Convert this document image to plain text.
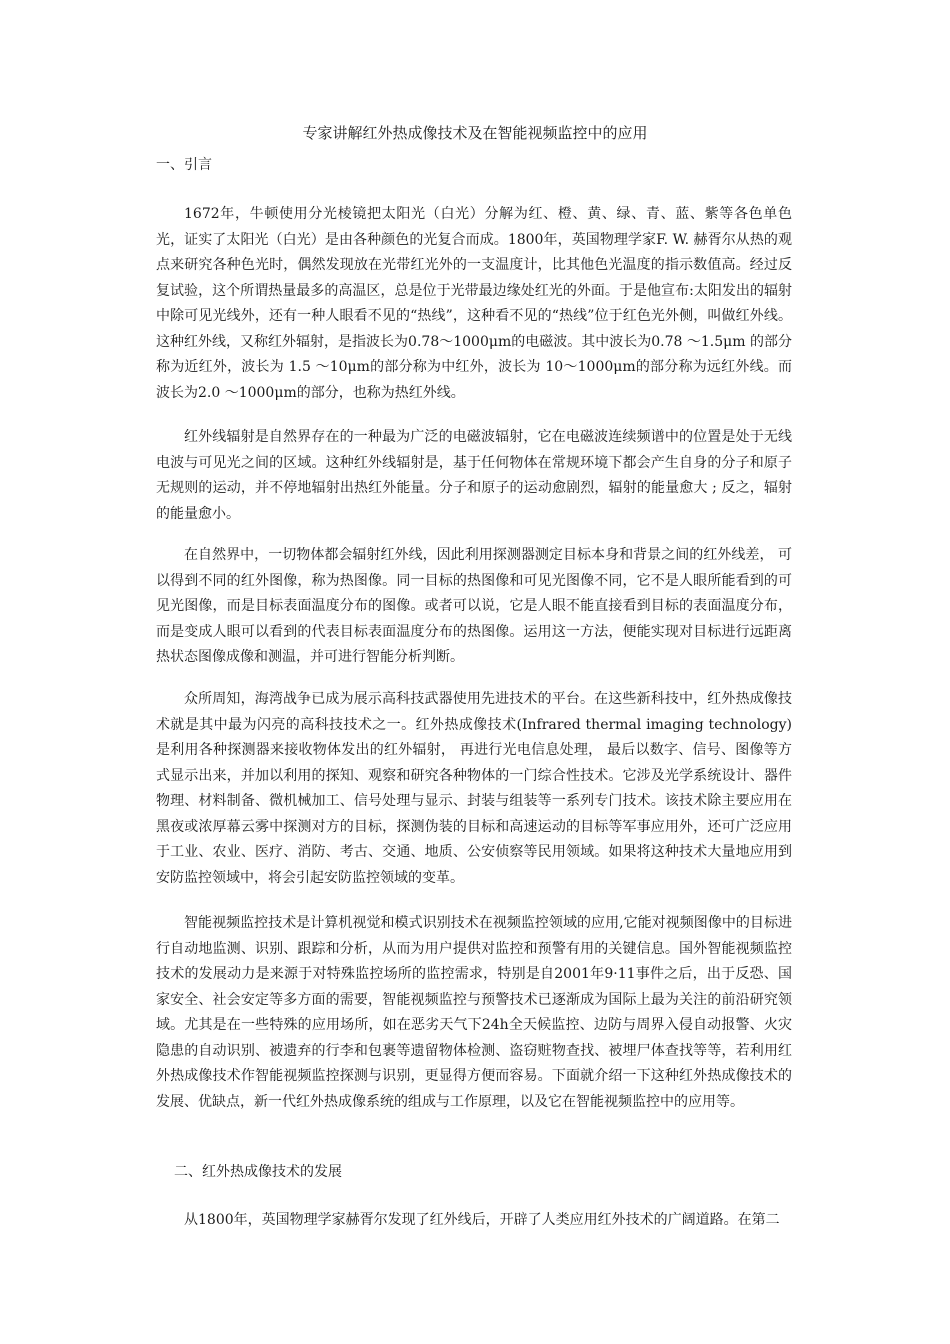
专家讲解红外热成像技术及在智能视频监控中的应用
一、引言

1672年，牛顿使用分光棱镜把太阳光（白光）分解为红、橙、黄、绿、青、蓝、紫等各色单色光，证实了太阳光（白光）是由各种颜色的光复合而成。1800年，英国物理学家F. W. 赫胥尔从热的观点来研究各种色光时，偶然发现放在光带红光外的一支温度计，比其他色光温度的指示数值高。经过反复试验，这个所谓热量最多的高温区，总是位于光带最边缘处红光的外面。于是他宣布:太阳发出的辐射中除可见光线外，还有一种人眼看不见的“热线”，这种看不见的“热线”位于红色光外侧，叫做红外线。这种红外线，又称红外辐射，是指波长为0.78～1000μm的电磁波。其中波长为0.78 ～1.5μm 的部分称为近红外，波长为 1.5 ～10μm的部分称为中红外，波长为 10～1000μm的部分称为远红外线。而波长为2.0 ～1000μm的部分，也称为热红外线。

红外线辐射是自然界存在的一种最为广泛的电磁波辐射，它在电磁波连续频谱中的位置是处于无线电波与可见光之间的区域。这种红外线辐射是，基于任何物体在常规环境下都会产生自身的分子和原子无规则的运动，并不停地辐射出热红外能量。分子和原子的运动愈剧烈，辐射的能量愈大 ; 反之，辐射的能量愈小。

在自然界中，一切物体都会辐射红外线，因此利用探测器测定目标本身和背景之间的红外线差， 可以得到不同的红外图像，称为热图像。同一目标的热图像和可见光图像不同，它不是人眼所能看到的可见光图像，而是目标表面温度分布的图像。或者可以说，它是人眼不能直接看到目标的表面温度分布，而是变成人眼可以看到的代表目标表面温度分布的热图像。运用这一方法，便能实现对目标进行远距离热状态图像成像和测温，并可进行智能分析判断。

众所周知，海湾战争已成为展示高科技武器使用先进技术的平台。在这些新科技中，红外热成像技术就是其中最为闪亮的高科技技术之一。红外热成像技术(Infrared thermal imaging technology)是利用各种探测器来接收物体发出的红外辐射， 再进行光电信息处理， 最后以数字、信号、图像等方式显示出来，并加以利用的探知、观察和研究各种物体的一门综合性技术。它涉及光学系统设计、器件物理、材料制备、微机械加工、信号处理与显示、封装与组装等一系列专门技术。该技术除主要应用在黑夜或浓厚幕云雾中探测对方的目标，探测伪装的目标和高速运动的目标等军事应用外，还可广泛应用于工业、农业、医疗、消防、考古、交通、地质、公安侦察等民用领域。如果将这种技术大量地应用到安防监控领域中，将会引起安防监控领域的变革。

智能视频监控技术是计算机视觉和模式识别技术在视频监控领域的应用,它能对视频图像中的目标进行自动地监测、识别、跟踪和分析，从而为用户提供对监控和预警有用的关键信息。国外智能视频监控技术的发展动力是来源于对特殊监控场所的监控需求，特别是自2001年9·11事件之后，出于反恐、国家安全、社会安定等多方面的需要，智能视频监控与预警技术已逐渐成为国际上最为关注的前沿研究领域。尤其是在一些特殊的应用场所，如在恶劣天气下24h全天候监控、边防与周界入侵自动报警、火灾隐患的自动识别、被遗弃的行李和包裹等遗留物体检测、盗窃赃物查找、被埋尸体查找等等，若利用红外热成像技术作智能视频监控探测与识别，更显得方便而容易。下面就介绍一下这种红外热成像技术的发展、优缺点，新一代红外热成像系统的组成与工作原理，以及它在智能视频监控中的应用等。

二、红外热成像技术的发展

从1800年，英国物理学家赫胥尔发现了红外线后，开辟了人类应用红外技术的广阔道路。在第二
